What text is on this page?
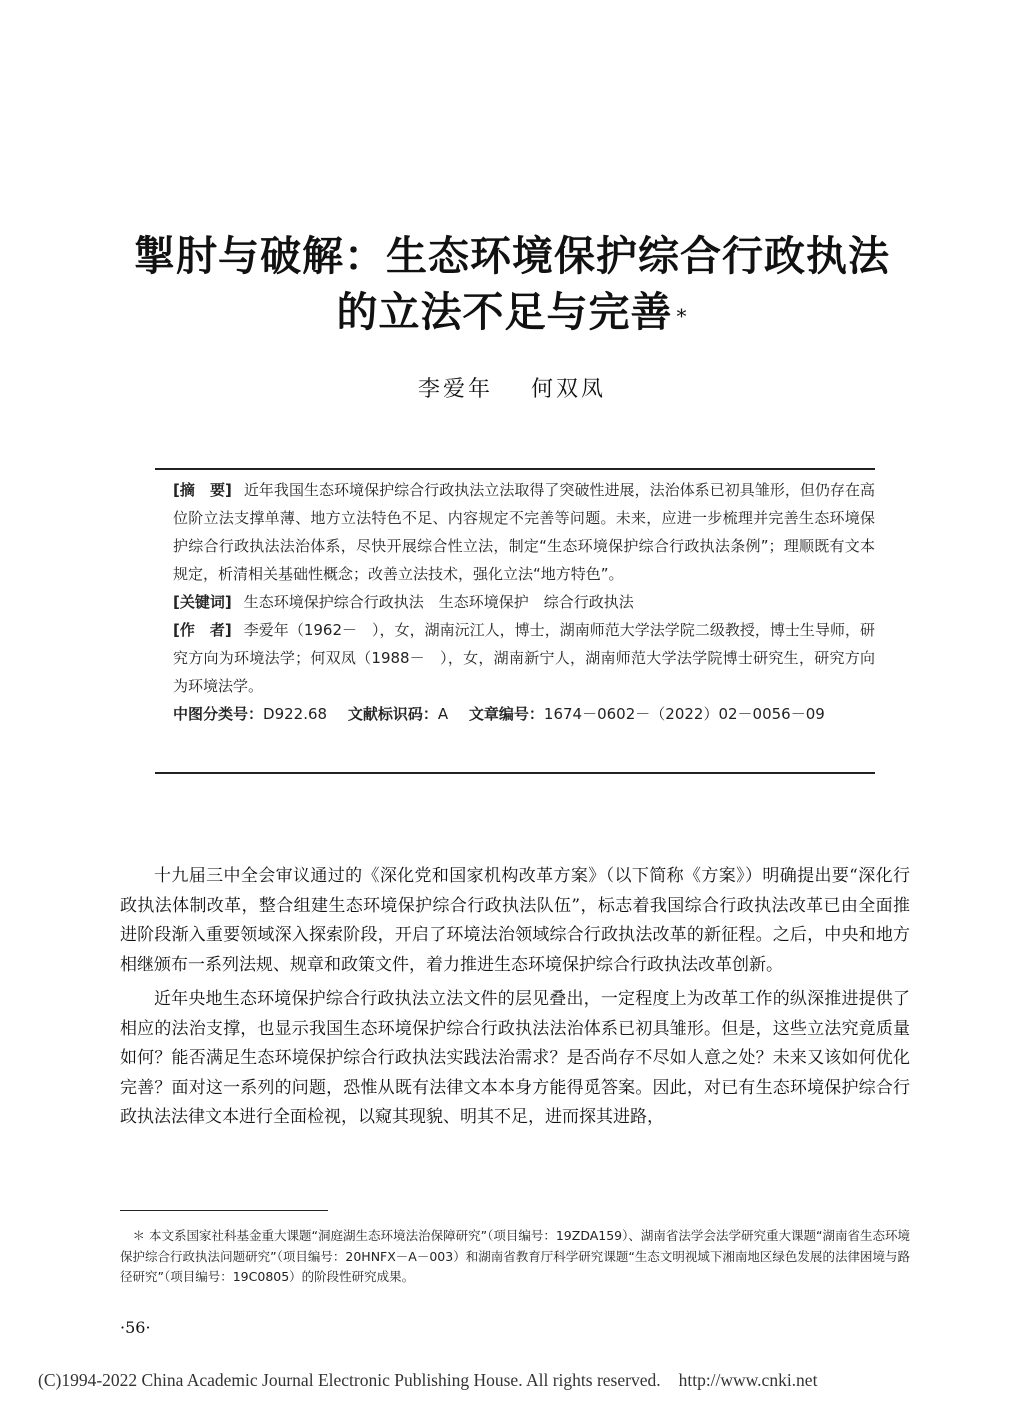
掣肘与破解：生态环境保护综合行政执法
的立法不足与完善 *
李爱年 何双凤

[摘　要] 近年我国生态环境保护综合行政执法立法取得了突破性进展，法治体系已初具雏形，但仍存在高位阶立法支撑单薄、地方立法特色不足、内容规定不完善等问题。未来，应进一步梳理并完善生态环境保护综合行政执法法治体系，尽快开展综合性立法，制定“生态环境保护综合行政执法条例”；理顺既有文本规定，析清相关基础性概念；改善立法技术，强化立法“地方特色”。

[关键词] 生态环境保护综合行政执法　生态环境保护　综合行政执法

[作　者] 李爱年（1962－　），女，湖南沅江人，博士，湖南师范大学法学院二级教授，博士生导师，研究方向为环境法学；何双凤（1988－　），女，湖南新宁人，湖南师范大学法学院博士研究生，研究方向为环境法学。

中图分类号：D922.68 文献标识码：A 文章编号：1674－0602－（2022）02－0056－09

十九届三中全会审议通过的《深化党和国家机构改革方案》（以下简称《方案》）明确提出要“深化行政执法体制改革，整合组建生态环境保护综合行政执法队伍”，标志着我国综合行政执法改革已由全面推进阶段渐入重要领域深入探索阶段，开启了环境法治领域综合行政执法改革的新征程。之后，中央和地方相继颁布一系列法规、规章和政策文件，着力推进生态环境保护综合行政执法改革创新。

近年央地生态环境保护综合行政执法立法文件的层见叠出，一定程度上为改革工作的纵深推进提供了相应的法治支撑，也显示我国生态环境保护综合行政执法法治体系已初具雏形。但是，这些立法究竟质量如何？能否满足生态环境保护综合行政执法实践法治需求？是否尚存不尽如人意之处？未来又该如何优化完善？面对这一系列的问题，恐惟从既有法律文本本身方能得觅答案。因此，对已有生态环境保护综合行政执法法律文本进行全面检视，以窥其现貌、明其不足，进而探其进路，

＊ 本文系国家社科基金重大课题“洞庭湖生态环境法治保障研究”（项目编号：19ZDA159）、湖南省法学会法学研究重大课题“湖南省生态环境保护综合行政执法问题研究”（项目编号：20HNFX－A－003）和湖南省教育厅科学研究课题“生态文明视域下湘南地区绿色发展的法律困境与路径研究”（项目编号：19C0805）的阶段性研究成果。

·56·
(C)1994-2022 China Academic Journal Electronic Publishing House. All rights reserved. http://www.cnki.net
